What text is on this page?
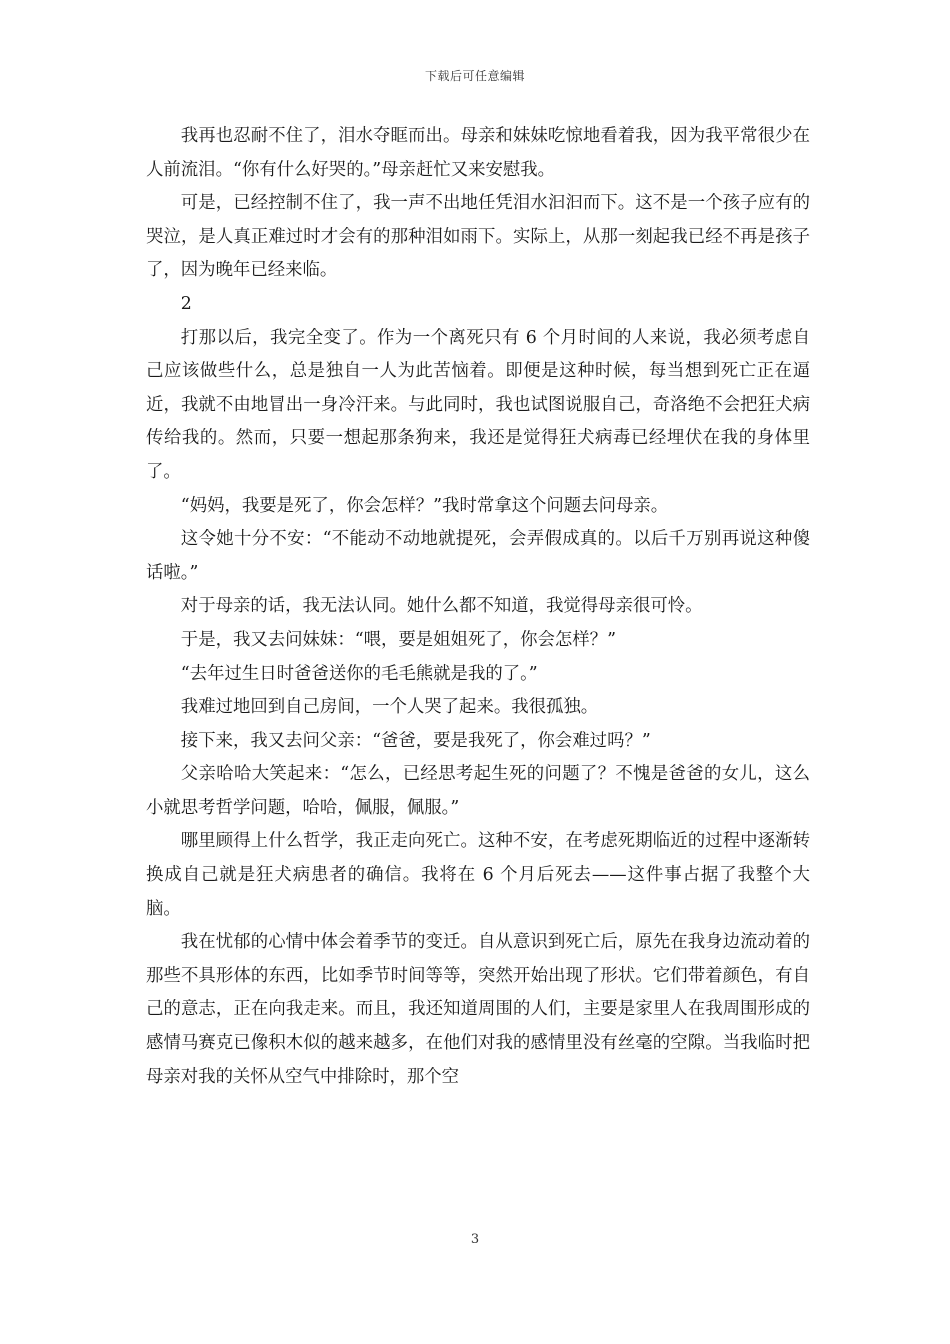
下载后可任意编辑

我再也忍耐不住了，泪水夺眶而出。母亲和妹妹吃惊地看着我，因为我平常很少在人前流泪。“你有什么好哭的。”母亲赶忙又来安慰我。

可是，已经控制不住了，我一声不出地任凭泪水汩汩而下。这不是一个孩子应有的哭泣，是人真正难过时才会有的那种泪如雨下。实际上，从那一刻起我已经不再是孩子了，因为晚年已经来临。

2

打那以后，我完全变了。作为一个离死只有 6 个月时间的人来说，我必须考虑自己应该做些什么，总是独自一人为此苦恼着。即便是这种时候，每当想到死亡正在逼近，我就不由地冒出一身冷汗来。与此同时，我也试图说服自己，奇洛绝不会把狂犬病传给我的。然而，只要一想起那条狗来，我还是觉得狂犬病毒已经埋伏在我的身体里了。

“妈妈，我要是死了，你会怎样？”我时常拿这个问题去问母亲。

这令她十分不安：“不能动不动地就提死，会弄假成真的。以后千万别再说这种傻话啦。”

对于母亲的话，我无法认同。她什么都不知道，我觉得母亲很可怜。

于是，我又去问妹妹：“喂，要是姐姐死了，你会怎样？”

“去年过生日时爸爸送你的毛毛熊就是我的了。”

我难过地回到自己房间，一个人哭了起来。我很孤独。

接下来，我又去问父亲：“爸爸，要是我死了，你会难过吗？”

父亲哈哈大笑起来：“怎么，已经思考起生死的问题了？不愧是爸爸的女儿，这么小就思考哲学问题，哈哈，佩服，佩服。”

哪里顾得上什么哲学，我正走向死亡。这种不安，在考虑死期临近的过程中逐渐转换成自己就是狂犬病患者的确信。我将在 6 个月后死去——这件事占据了我整个大脑。

我在忧郁的心情中体会着季节的变迁。自从意识到死亡后，原先在我身边流动着的那些不具形体的东西，比如季节时间等等，突然开始出现了形状。它们带着颜色，有自己的意志，正在向我走来。而且，我还知道周围的人们，主要是家里人在我周围形成的感情马赛克已像积木似的越来越多，在他们对我的感情里没有丝毫的空隙。当我临时把母亲对我的关怀从空气中排除时，那个空

3
